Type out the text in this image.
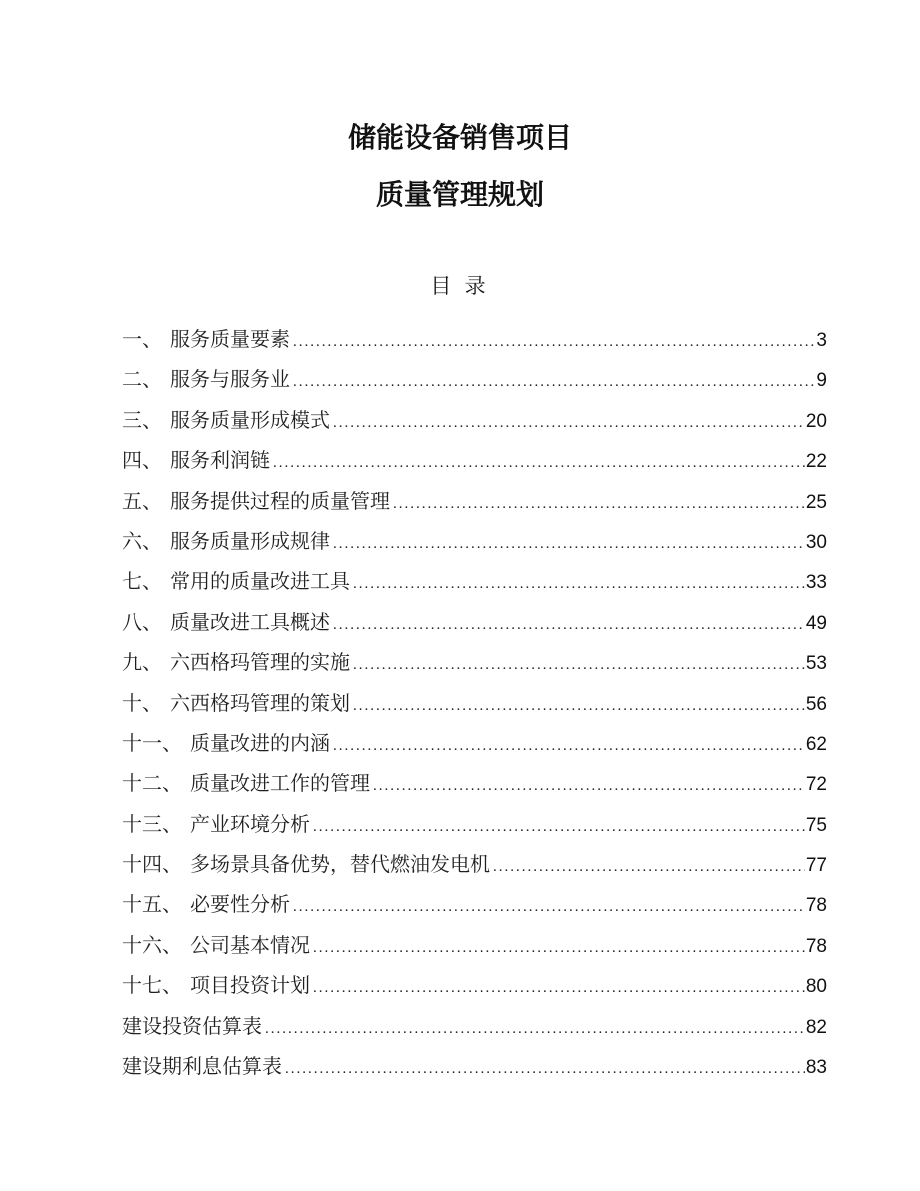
储能设备销售项目
质量管理规划
目 录
一、 服务质量要素 .....	3
二、 服务与服务业 .....	9
三、 服务质量形成模式 .....	20
四、 服务利润链 .....	22
五、 服务提供过程的质量管理 .....	25
六、 服务质量形成规律 .....	30
七、 常用的质量改进工具 .....	33
八、 质量改进工具概述 .....	49
九、 六西格玛管理的实施 .....	53
十、 六西格玛管理的策划 .....	56
十一、 质量改进的内涵 .....	62
十二、 质量改进工作的管理 .....	72
十三、 产业环境分析 .....	75
十四、 多场景具备优势，替代燃油发电机 .....	77
十五、 必要性分析 .....	78
十六、 公司基本情况 .....	78
十七、 项目投资计划 .....	80
建设投资估算表 .....	82
建设期利息估算表 .....	83
